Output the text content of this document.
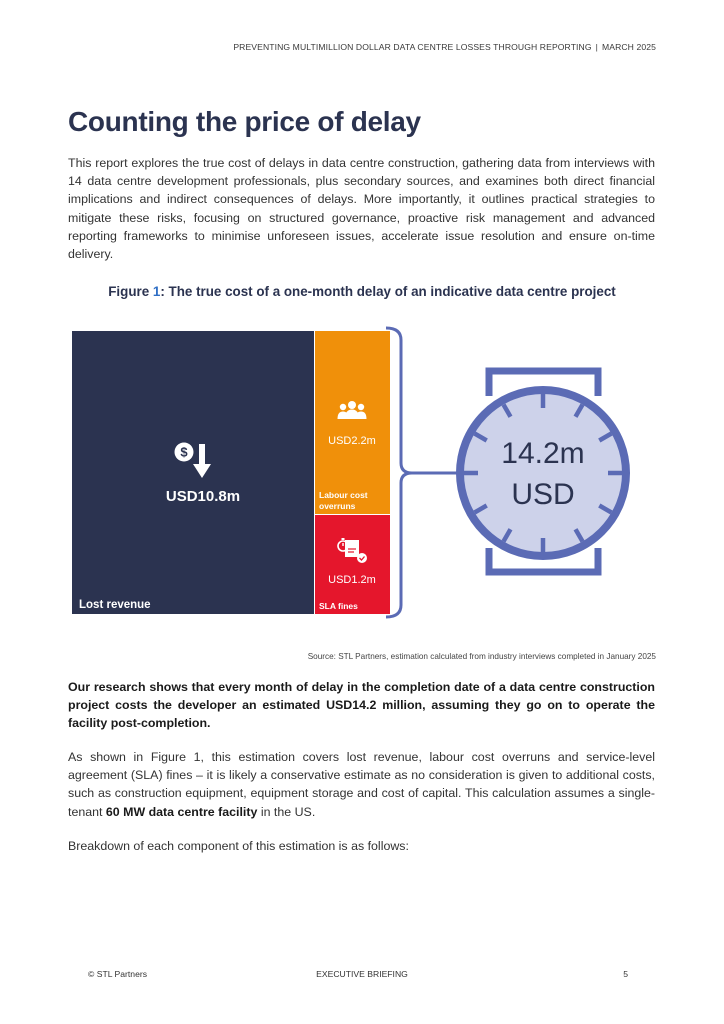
PREVENTING MULTIMILLION DOLLAR DATA CENTRE LOSSES THROUGH REPORTING | MARCH 2025
Counting the price of delay

This report explores the true cost of delays in data centre construction, gathering data from interviews with 14 data centre development professionals, plus secondary sources, and examines both direct financial implications and indirect consequences of delays. More importantly, it outlines practical strategies to mitigate these risks, focusing on structured governance, proactive risk management and advanced reporting frameworks to minimise unforeseen issues, accelerate issue resolution and ensure on-time delivery.

Figure 1: The true cost of a one-month delay of an indicative data centre project
$
USD10.8m
Lost revenue
USD2.2m
Labour cost
overruns
USD1.2m
SLA fines
14.2m
USD
Source: STL Partners, estimation calculated from industry interviews completed in January 2025

Our research shows that every month of delay in the completion date of a data centre construction project costs the developer an estimated USD14.2 million, assuming they go on to operate the facility post-completion.

As shown in Figure 1, this estimation covers lost revenue, labour cost overruns and service-level agreement (SLA) fines – it is likely a conservative estimate as no consideration is given to additional costs, such as construction equipment, equipment storage and cost of capital. This calculation assumes a single-tenant 60 MW data centre facility in the US.

Breakdown of each component of this estimation is as follows:

© STL Partners	EXECUTIVE BRIEFING	5
